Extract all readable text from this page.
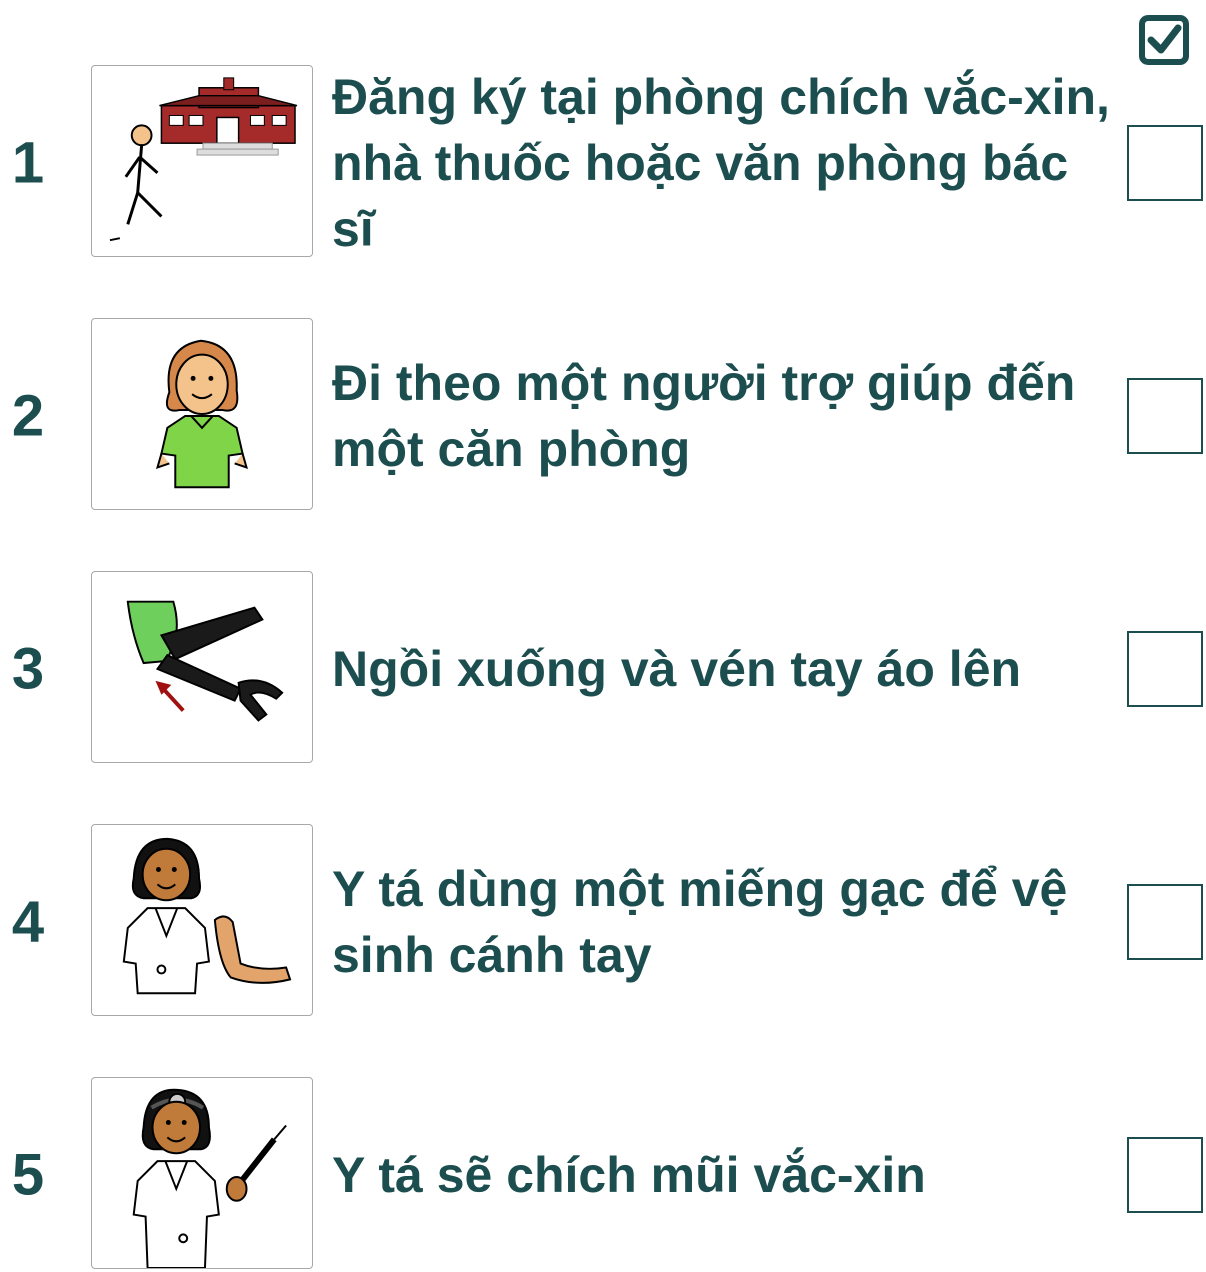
1
Đăng ký tại phòng chích vắc-xin, nhà thuốc hoặc văn phòng bác sĩ
2
Đi theo một người trợ giúp đến một căn phòng
3	Ngồi xuống và vén tay áo lên
4
Y tá dùng một miếng gạc để vệ sinh cánh tay
5	Y tá sẽ chích mũi vắc-xin
